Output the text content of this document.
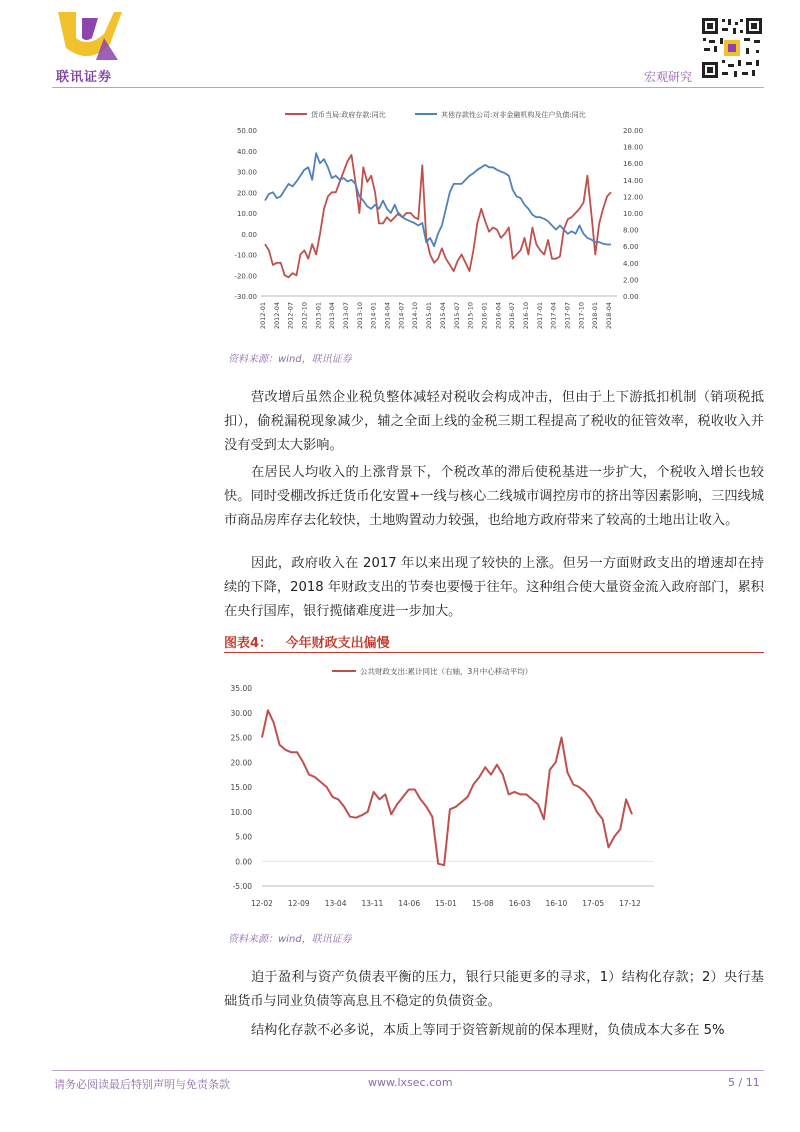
联讯证券	宏观研究
货币当局:政府存款:同比	其他存款性公司:对非金融机构及住户负债:同比
50.00
40.00
30.00
20.00
10.00
0.00
-10.00
-20.00
-30.00
20.00
18.00
16.00
14.00
12.00
10.00
8.00
6.00
4.00
2.00
0.00
2012-01 2012-04 2012-07 2012-10 2013-01 2013-04 2013-07 2013-10 2014-01 2014-04 2014-07 2014-10 2015-01 2015-04 2015-07 2015-10 2016-01 2016-04 2016-07 2016-10 2017-01 2017-04 2017-07 2017-10 2018-01 2018-04
资料来源：wind，联讯证券
营改增后虽然企业税负整体减轻对税收会构成冲击，但由于上下游抵扣机制（销项税抵扣），偷税漏税现象减少，辅之全面上线的金税三期工程提高了税收的征管效率，税收收入并没有受到太大影响。
在居民人均收入的上涨背景下，个税改革的滞后使税基进一步扩大，个税收入增长也较快。同时受棚改拆迁货币化安置+一线与核心二线城市调控房市的挤出等因素影响，三四线城市商品房库存去化较快，土地购置动力较强，也给地方政府带来了较高的土地出让收入。
因此，政府收入在 2017 年以来出现了较快的上涨。但另一方面财政支出的增速却在持续的下降，2018 年财政支出的节奏也要慢于往年。这种组合使大量资金流入政府部门，累积在央行国库，银行揽储难度进一步加大。
图表4：   今年财政支出偏慢
公共财政支出:累计同比（右轴，3月中心移动平均）
35.00
30.00
25.00
20.00
15.00
10.00
5.00
0.00
-5.00
12-02 12-09 13-04 13-11 14-06 15-01 15-08 16-03 16-10 17-05 17-12
资料来源：wind，联讯证券
迫于盈利与资产负债表平衡的压力，银行只能更多的寻求，1）结构化存款；2）央行基础货币与同业负债等高息且不稳定的负债资金。
结构化存款不必多说，本质上等同于资管新规前的保本理财，负债成本大多在 5%
请务必阅读最后特别声明与免责条款	www.lxsec.com	5 / 11
